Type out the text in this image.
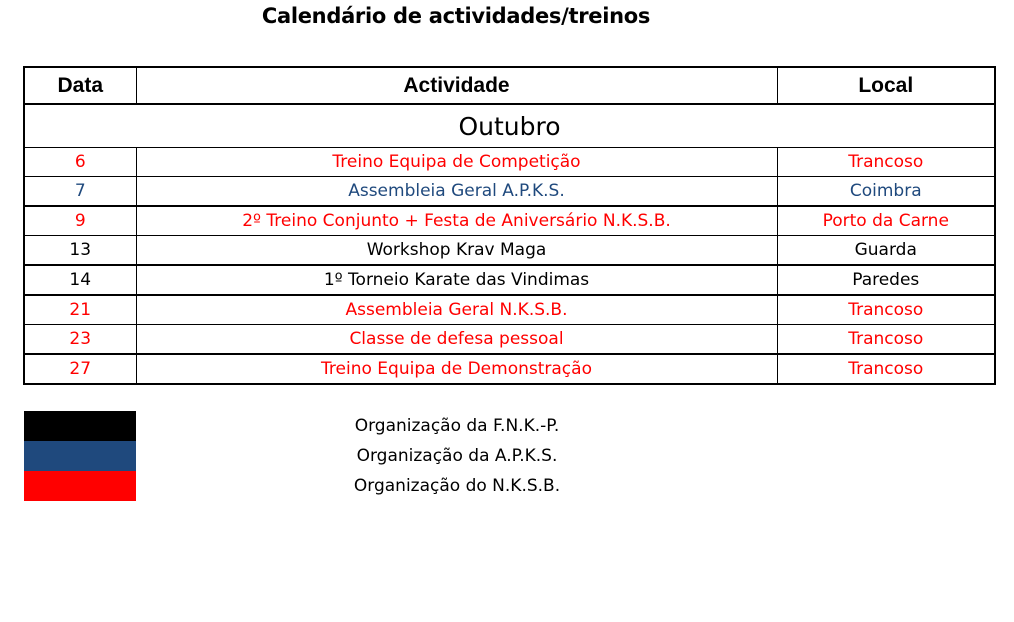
Calendário de actividades/treinos
Data	Actividade	Local
Outubro		
6	Treino Equipa de Competição	Trancoso
7	Assembleia Geral A.P.K.S.	Coimbra
9	2º Treino Conjunto + Festa de Aniversário N.K.S.B.	Porto da Carne
13	Workshop Krav Maga	Guarda
14	1º Torneio Karate das Vindimas	Paredes
21	Assembleia Geral N.K.S.B.	Trancoso
23	Classe de defesa pessoal	Trancoso
27	Treino Equipa de Demonstração	Trancoso
Organização da F.N.K.-P.
Organização da A.P.K.S.
Organização do N.K.S.B.
